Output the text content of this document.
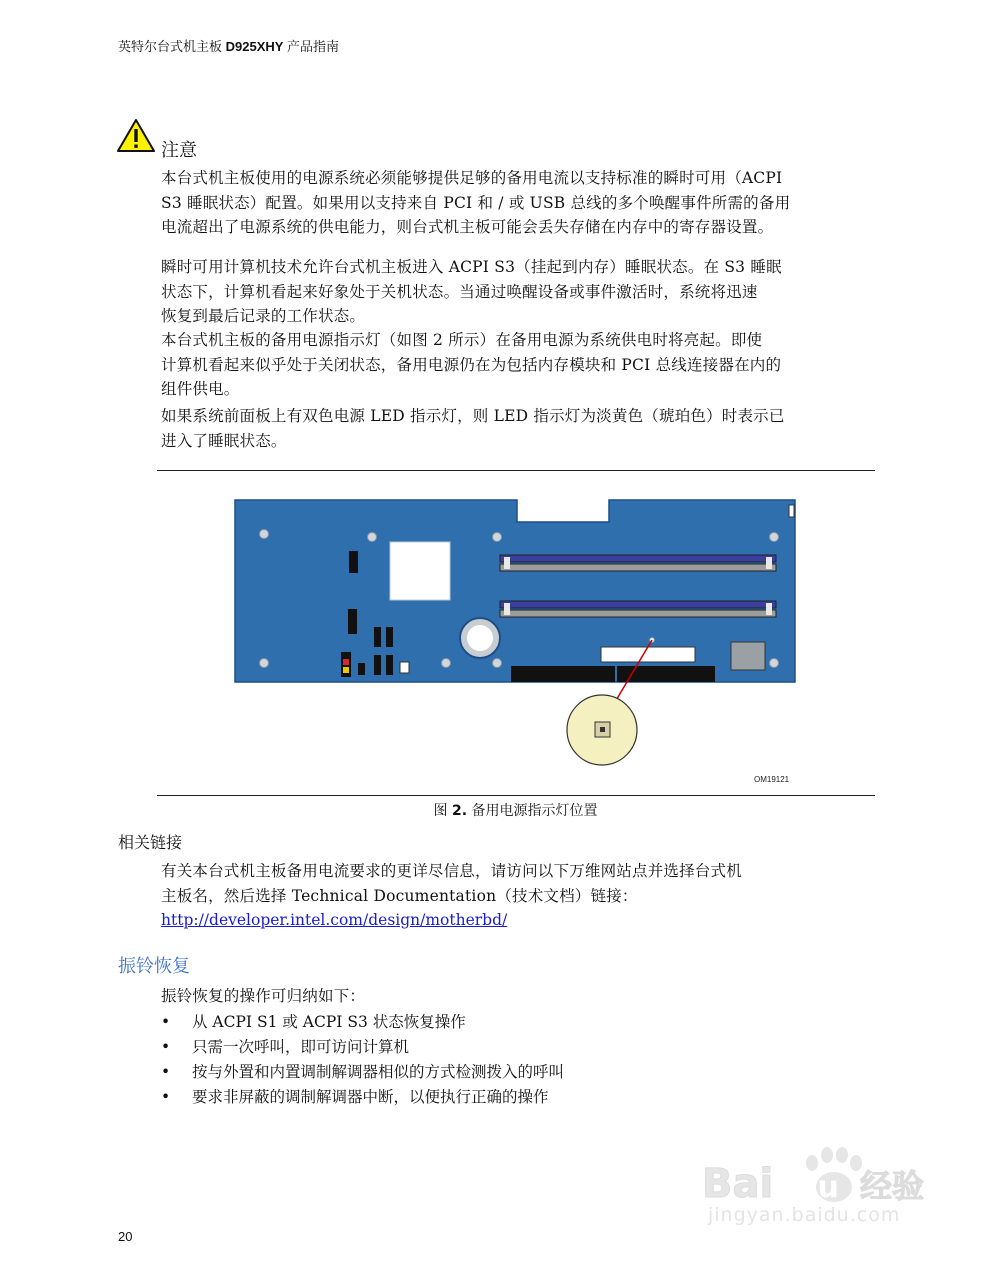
英特尔台式机主板 D925XHY 产品指南
注意
本台式机主板使用的电源系统必须能够提供足够的备用电流以支持标准的瞬时可用（ACPI
S3 睡眠状态）配置。如果用以支持来自 PCI 和 / 或 USB 总线的多个唤醒事件所需的备用
电流超出了电源系统的供电能力，则台式机主板可能会丢失存储在内存中的寄存器设置。
瞬时可用计算机技术允许台式机主板进入 ACPI S3（挂起到内存）睡眠状态。在 S3 睡眠
状态下，计算机看起来好象处于关机状态。当通过唤醒设备或事件激活时，系统将迅速
恢复到最后记录的工作状态。
本台式机主板的备用电源指示灯（如图 2 所示）在备用电源为系统供电时将亮起。即使
计算机看起来似乎处于关闭状态，备用电源仍在为包括内存模块和 PCI 总线连接器在内的
组件供电。
如果系统前面板上有双色电源 LED 指示灯，则 LED 指示灯为淡黄色（琥珀色）时表示已
进入了睡眠状态。
OM19121
图 2. 备用电源指示灯位置
相关链接
有关本台式机主板备用电流要求的更详尽信息，请访问以下万维网站点并选择台式机
主板名，然后选择 Technical Documentation（技术文档）链接：
http://developer.intel.com/design/motherbd/
振铃恢复
振铃恢复的操作可归纳如下：
• 从 ACPI S1 或 ACPI S3 状态恢复操作
• 只需一次呼叫，即可访问计算机
• 按与外置和内置调制解调器相似的方式检测拨入的呼叫
• 要求非屏蔽的调制解调器中断，以便执行正确的操作
Bai du 经验
jingyan.baidu.com
20
